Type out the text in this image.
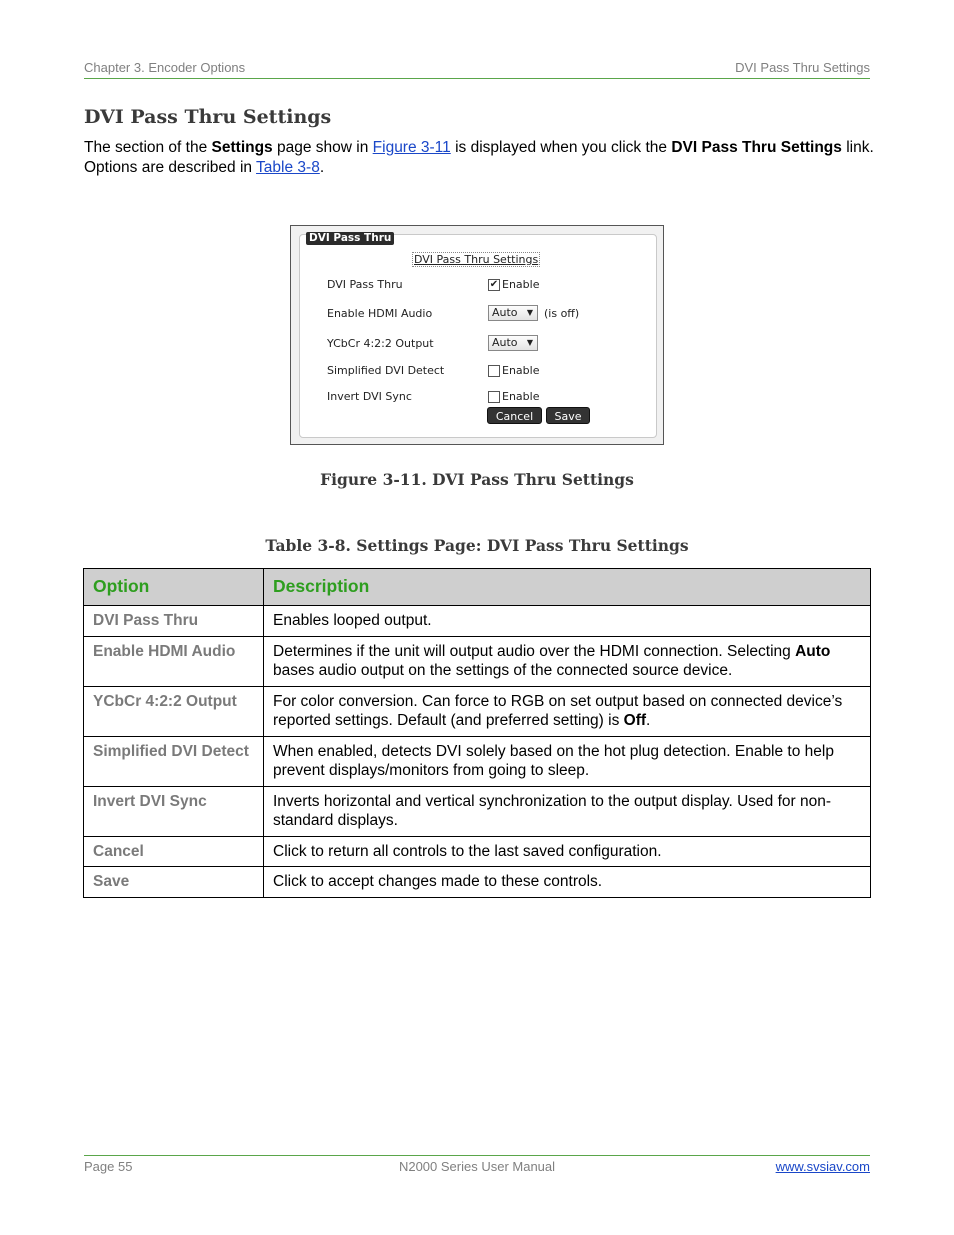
Chapter 3. Encoder Options	DVI Pass Thru Settings
DVI Pass Thru Settings
The section of the Settings page show in Figure 3-11 is displayed when you click the DVI Pass Thru Settings link. Options are described in Table 3-8.
DVI Pass Thru
DVI Pass Thru Settings
DVI Pass Thru	✔ Enable
Enable HDMI Audio	Auto ▼ (is off)
YCbCr 4:2:2 Output	Auto ▼
Simplified DVI Detect	Enable
Invert DVI Sync	Enable
Cancel	Save
Figure 3-11. DVI Pass Thru Settings
Table 3-8. Settings Page: DVI Pass Thru Settings
Option	Description
DVI Pass Thru	Enables looped output.
Enable HDMI Audio	Determines if the unit will output audio over the HDMI connection. Selecting Auto bases audio output on the settings of the connected source device.
YCbCr 4:2:2 Output	For color conversion. Can force to RGB on set output based on connected device’s reported settings. Default (and preferred setting) is Off.
Simplified DVI Detect	When enabled, detects DVI solely based on the hot plug detection. Enable to help prevent displays/monitors from going to sleep.
Invert DVI Sync	Inverts horizontal and vertical synchronization to the output display. Used for non-standard displays.
Cancel	Click to return all controls to the last saved configuration.
Save	Click to accept changes made to these controls.
Page 55	N2000 Series User Manual	www.svsiav.com
